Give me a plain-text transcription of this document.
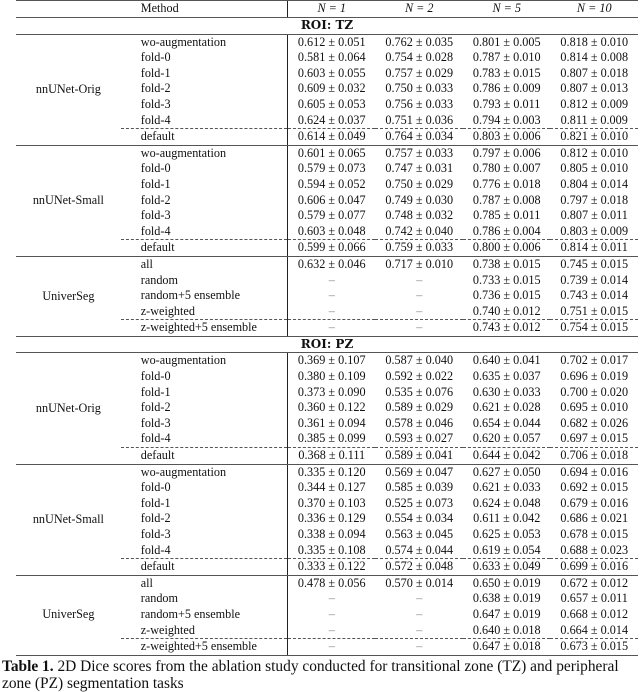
	Method	N = 1	N = 2	N = 5	N = 10
ROI: TZ					
nnUNet-Orig	wo-augmentation	0.612 ± 0.051	0.762 ± 0.035	0.801 ± 0.005	0.818 ± 0.010
	fold-0	0.581 ± 0.064	0.754 ± 0.028	0.787 ± 0.010	0.814 ± 0.008
	fold-1	0.603 ± 0.055	0.757 ± 0.029	0.783 ± 0.015	0.807 ± 0.018
	fold-2	0.609 ± 0.032	0.750 ± 0.033	0.786 ± 0.009	0.807 ± 0.013
	fold-3	0.605 ± 0.053	0.756 ± 0.033	0.793 ± 0.011	0.812 ± 0.009
	fold-4	0.624 ± 0.037	0.751 ± 0.036	0.794 ± 0.003	0.811 ± 0.009
	default	0.614 ± 0.049	0.764 ± 0.034	0.803 ± 0.006	0.821 ± 0.010
nnUNet-Small	wo-augmentation	0.601 ± 0.065	0.757 ± 0.033	0.797 ± 0.006	0.812 ± 0.010
	fold-0	0.579 ± 0.073	0.747 ± 0.031	0.780 ± 0.007	0.805 ± 0.010
	fold-1	0.594 ± 0.052	0.750 ± 0.029	0.776 ± 0.018	0.804 ± 0.014
	fold-2	0.606 ± 0.047	0.749 ± 0.030	0.787 ± 0.008	0.797 ± 0.018
	fold-3	0.579 ± 0.077	0.748 ± 0.032	0.785 ± 0.011	0.807 ± 0.011
	fold-4	0.603 ± 0.048	0.742 ± 0.040	0.786 ± 0.004	0.803 ± 0.009
	default	0.599 ± 0.066	0.759 ± 0.033	0.800 ± 0.006	0.814 ± 0.011
UniverSeg	all	0.632 ± 0.046	0.717 ± 0.010	0.738 ± 0.015	0.745 ± 0.015
	random	–	–	0.733 ± 0.015	0.739 ± 0.014
	random+5 ensemble	–	–	0.736 ± 0.015	0.743 ± 0.014
	z-weighted	–	–	0.740 ± 0.012	0.751 ± 0.015
	z-weighted+5 ensemble	–	–	0.743 ± 0.012	0.754 ± 0.015
ROI: PZ					
nnUNet-Orig	wo-augmentation	0.369 ± 0.107	0.587 ± 0.040	0.640 ± 0.041	0.702 ± 0.017
	fold-0	0.380 ± 0.109	0.592 ± 0.022	0.635 ± 0.037	0.696 ± 0.019
	fold-1	0.373 ± 0.090	0.535 ± 0.076	0.630 ± 0.033	0.700 ± 0.020
	fold-2	0.360 ± 0.122	0.589 ± 0.029	0.621 ± 0.028	0.695 ± 0.010
	fold-3	0.361 ± 0.094	0.578 ± 0.046	0.654 ± 0.044	0.682 ± 0.026
	fold-4	0.385 ± 0.099	0.593 ± 0.027	0.620 ± 0.057	0.697 ± 0.015
	default	0.368 ± 0.111	0.589 ± 0.041	0.644 ± 0.042	0.706 ± 0.018
nnUNet-Small	wo-augmentation	0.335 ± 0.120	0.569 ± 0.047	0.627 ± 0.050	0.694 ± 0.016
	fold-0	0.344 ± 0.127	0.585 ± 0.039	0.621 ± 0.033	0.692 ± 0.015
	fold-1	0.370 ± 0.103	0.525 ± 0.073	0.624 ± 0.048	0.679 ± 0.016
	fold-2	0.336 ± 0.129	0.554 ± 0.034	0.611 ± 0.042	0.686 ± 0.021
	fold-3	0.338 ± 0.094	0.563 ± 0.045	0.625 ± 0.053	0.678 ± 0.015
	fold-4	0.335 ± 0.108	0.574 ± 0.044	0.619 ± 0.054	0.688 ± 0.023
	default	0.333 ± 0.122	0.572 ± 0.048	0.633 ± 0.049	0.699 ± 0.016
UniverSeg	all	0.478 ± 0.056	0.570 ± 0.014	0.650 ± 0.019	0.672 ± 0.012
	random	–	–	0.638 ± 0.019	0.657 ± 0.011
	random+5 ensemble	–	–	0.647 ± 0.019	0.668 ± 0.012
	z-weighted	–	–	0.640 ± 0.018	0.664 ± 0.014
	z-weighted+5 ensemble	–	–	0.647 ± 0.018	0.673 ± 0.015
Table 1. 2D Dice scores from the ablation study conducted for transitional zone (TZ) and peripheral zone (PZ) segmentation tasks
